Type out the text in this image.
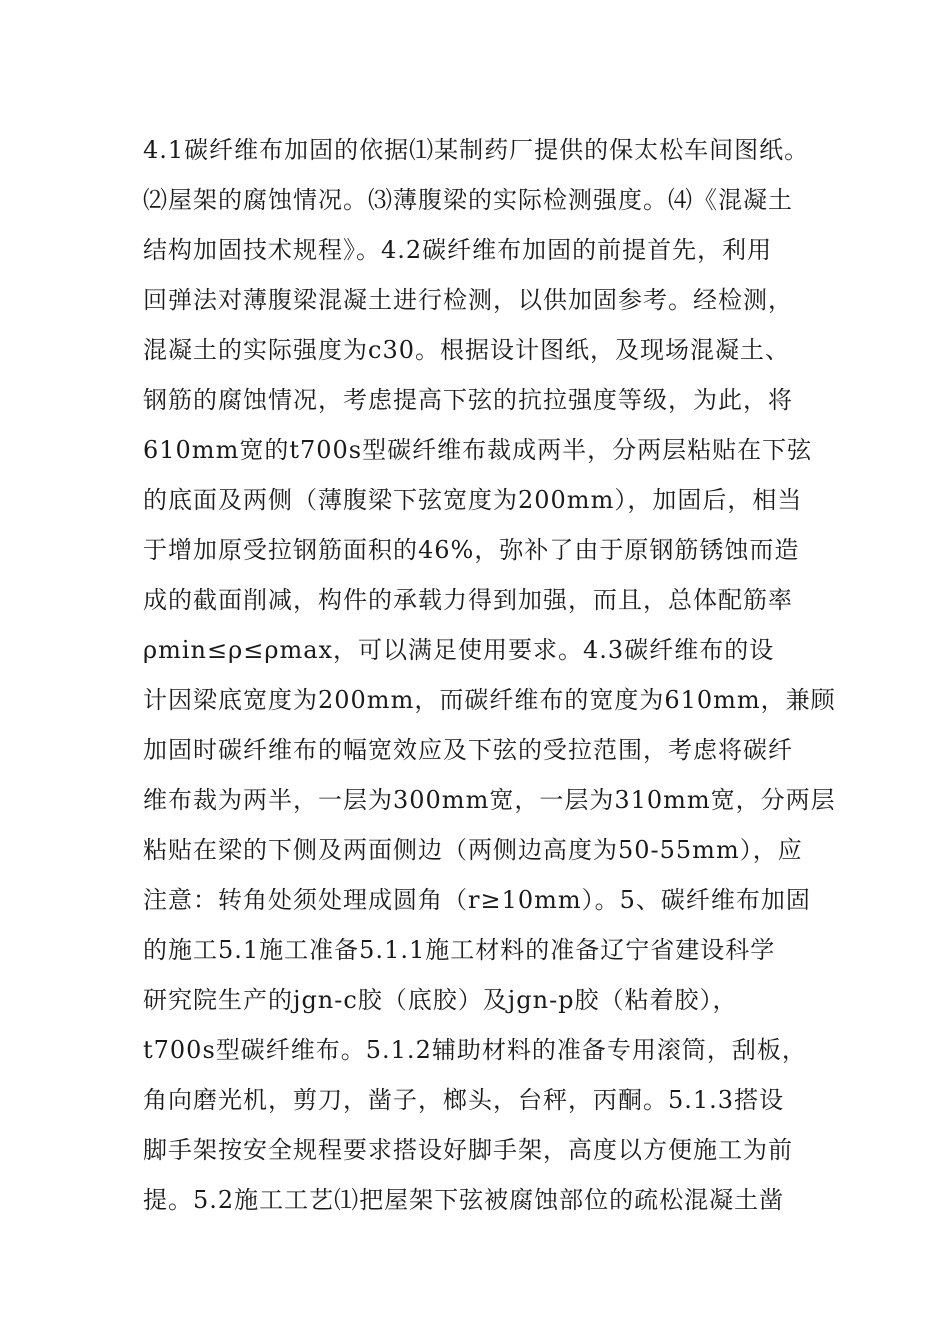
4.1碳纤维布加固的依据⑴某制药厂提供的保太松车间图纸。
⑵屋架的腐蚀情况。⑶薄腹梁的实际检测强度。⑷《混凝土
结构加固技术规程》。4.2碳纤维布加固的前提首先，利用
回弹法对薄腹梁混凝土进行检测，以供加固参考。经检测，
混凝土的实际强度为c30。根据设计图纸，及现场混凝土、
钢筋的腐蚀情况，考虑提高下弦的抗拉强度等级，为此，将
610mm宽的t700s型碳纤维布裁成两半，分两层粘贴在下弦
的底面及两侧（薄腹梁下弦宽度为200mm），加固后，相当
于增加原受拉钢筋面积的46%，弥补了由于原钢筋锈蚀而造
成的截面削减，构件的承载力得到加强，而且，总体配筋率
ρmin≤ρ≤ρmax，可以满足使用要求。4.3碳纤维布的设
计因梁底宽度为200mm，而碳纤维布的宽度为610mm，兼顾
加固时碳纤维布的幅宽效应及下弦的受拉范围，考虑将碳纤
维布裁为两半，一层为300mm宽，一层为310mm宽，分两层
粘贴在梁的下侧及两面侧边（两侧边高度为50-55mm），应
注意：转角处须处理成圆角（r≥10mm）。5、碳纤维布加固
的施工5.1施工准备5.1.1施工材料的准备辽宁省建设科学
研究院生产的jgn-c胶（底胶）及jgn-p胶（粘着胶），
t700s型碳纤维布。5.1.2辅助材料的准备专用滚筒，刮板，
角向磨光机，剪刀，凿子，榔头，台秤，丙酮。5.1.3搭设
脚手架按安全规程要求搭设好脚手架，高度以方便施工为前
提。5.2施工工艺⑴把屋架下弦被腐蚀部位的疏松混凝土凿
